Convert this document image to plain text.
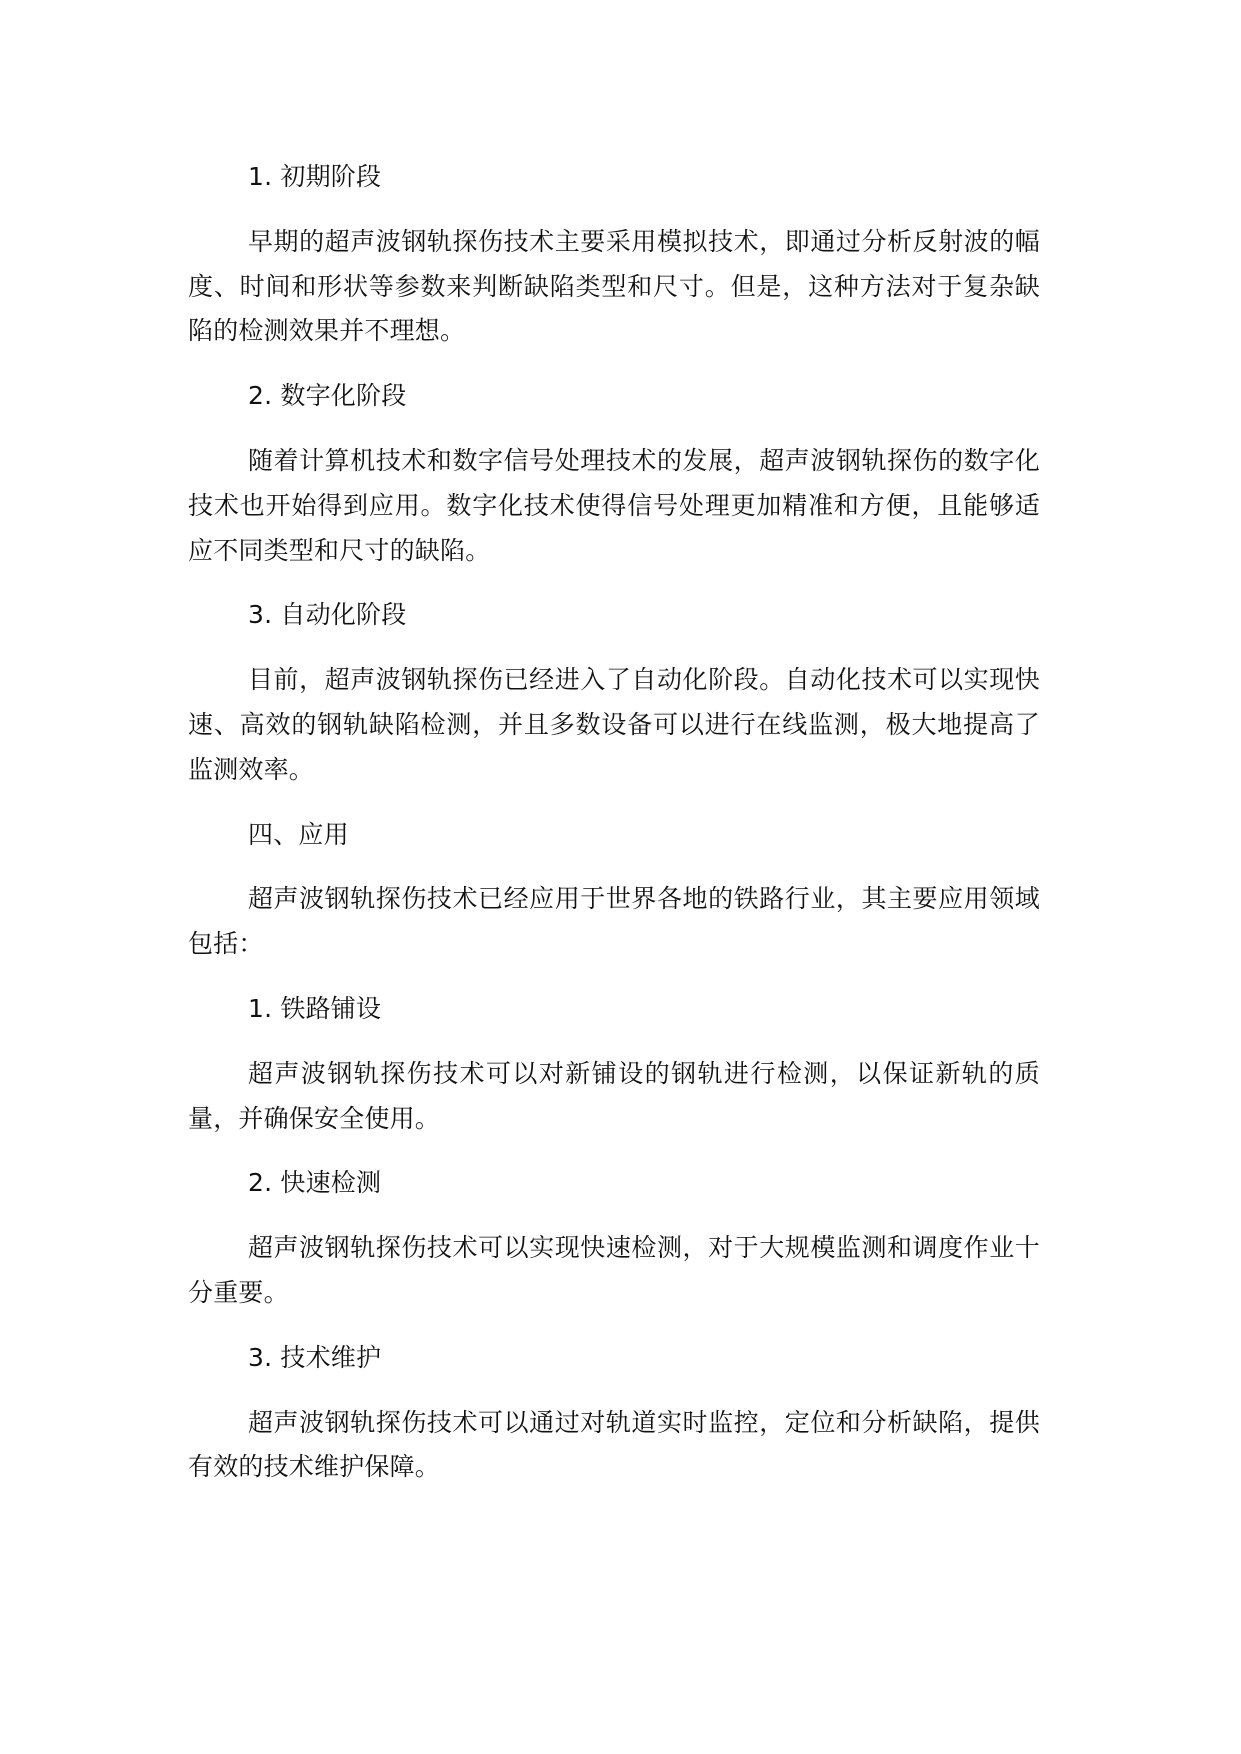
1. 初期阶段

早期的超声波钢轨探伤技术主要采用模拟技术，即通过分析反射波的幅度、时间和形状等参数来判断缺陷类型和尺寸。但是，这种方法对于复杂缺陷的检测效果并不理想。

2. 数字化阶段

随着计算机技术和数字信号处理技术的发展，超声波钢轨探伤的数字化技术也开始得到应用。数字化技术使得信号处理更加精准和方便，且能够适应不同类型和尺寸的缺陷。

3. 自动化阶段

目前，超声波钢轨探伤已经进入了自动化阶段。自动化技术可以实现快速、高效的钢轨缺陷检测，并且多数设备可以进行在线监测，极大地提高了监测效率。

四、应用

超声波钢轨探伤技术已经应用于世界各地的铁路行业，其主要应用领域包括：

1. 铁路铺设

超声波钢轨探伤技术可以对新铺设的钢轨进行检测，以保证新轨的质量，并确保安全使用。

2. 快速检测

超声波钢轨探伤技术可以实现快速检测，对于大规模监测和调度作业十分重要。

3. 技术维护

超声波钢轨探伤技术可以通过对轨道实时监控，定位和分析缺陷，提供有效的技术维护保障。
